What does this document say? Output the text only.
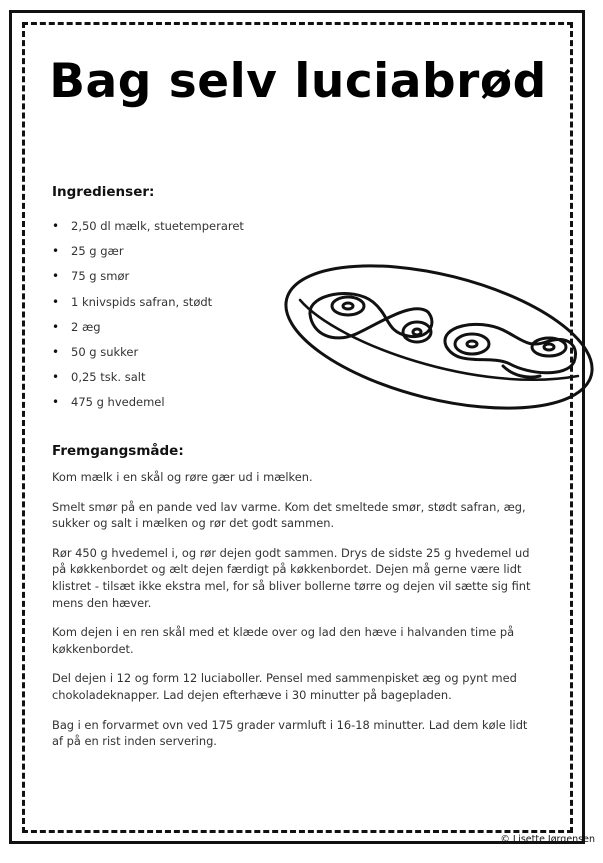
Bag selv luciabrød
Ingredienser:
• 2,50 dl mælk, stuetemperaret
• 25 g gær
• 75 g smør
• 1 knivspids safran, stødt
• 2 æg
• 50 g sukker
• 0,25 tsk. salt
• 475 g hvedemel
Fremgangsmåde:

Kom mælk i en skål og røre gær ud i mælken.

Smelt smør på en pande ved lav varme. Kom det smeltede smør, stødt safran, æg, sukker og salt i mælken og rør det godt sammen.

Rør 450 g hvedemel i, og rør dejen godt sammen. Drys de sidste 25 g hvedemel ud på køkkenbordet og ælt dejen færdigt på køkkenbordet. Dejen må gerne være lidt klistret - tilsæt ikke ekstra mel, for så bliver bollerne tørre og dejen vil sætte sig fint mens den hæver.

Kom dejen i en ren skål med et klæde over og lad den hæve i halvanden time på køkkenbordet.

Del dejen i 12 og form 12 luciaboller. Pensel med sammenpisket æg og pynt med chokoladeknapper. Lad dejen efterhæve i 30 minutter på bagepladen.

Bag i en forvarmet ovn ved 175 grader varmluft i 16-18 minutter. Lad dem køle lidt af på en rist inden servering.

© Lisette Jørgensen
